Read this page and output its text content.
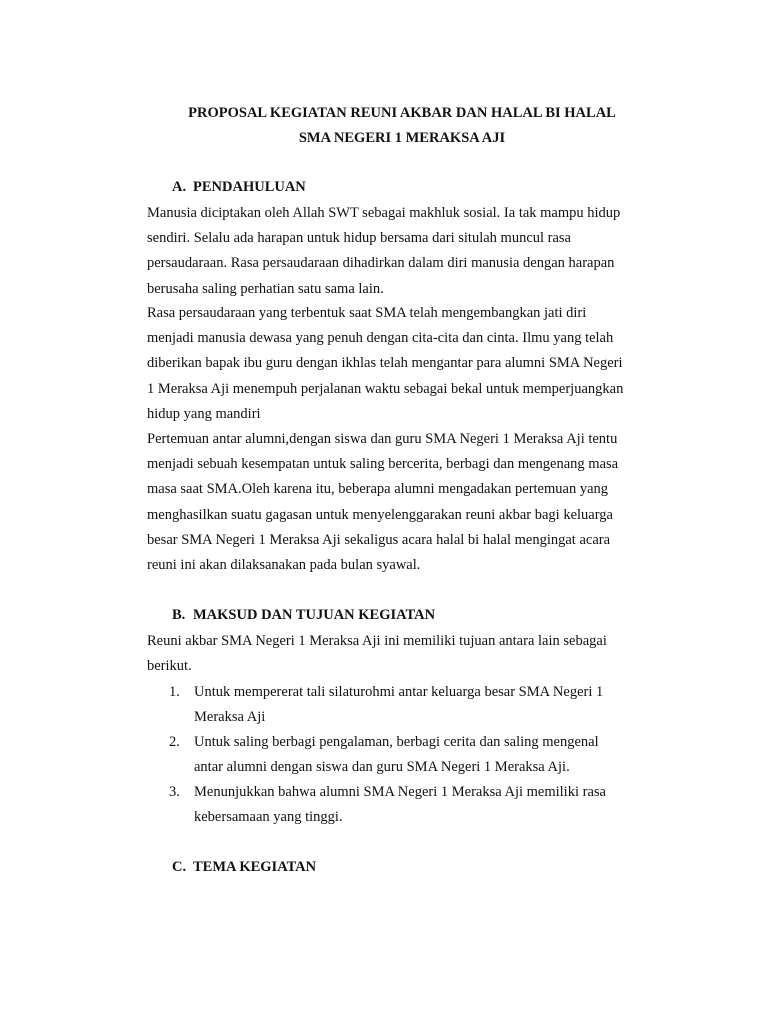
PROPOSAL KEGIATAN REUNI AKBAR DAN HALAL BI HALAL
SMA NEGERI 1 MERAKSA AJI
A. PENDAHULUAN
Manusia diciptakan oleh Allah SWT sebagai makhluk sosial. Ia tak mampu hidup
sendiri. Selalu ada harapan untuk hidup bersama dari situlah muncul rasa
persaudaraan. Rasa persaudaraan dihadirkan dalam diri manusia dengan harapan
berusaha saling perhatian satu sama lain.
Rasa persaudaraan yang terbentuk saat SMA telah mengembangkan jati diri
menjadi manusia dewasa yang penuh dengan cita-cita dan cinta. Ilmu yang telah
diberikan bapak ibu guru dengan ikhlas telah mengantar para alumni SMA Negeri
1 Meraksa Aji menempuh perjalanan waktu sebagai bekal untuk memperjuangkan
hidup yang mandiri
Pertemuan antar alumni,dengan siswa dan guru SMA Negeri 1 Meraksa Aji tentu
menjadi sebuah kesempatan untuk saling bercerita, berbagi dan mengenang masa
masa saat SMA.Oleh karena itu, beberapa alumni mengadakan pertemuan yang
menghasilkan suatu gagasan untuk menyelenggarakan reuni akbar bagi keluarga
besar SMA Negeri 1 Meraksa Aji sekaligus acara halal bi halal mengingat acara
reuni ini akan dilaksanakan pada bulan syawal.
B. MAKSUD DAN TUJUAN KEGIATAN
Reuni akbar SMA Negeri 1 Meraksa Aji ini memiliki tujuan antara lain sebagai
berikut.
1. Untuk mempererat tali silaturohmi antar keluarga besar SMA Negeri 1
Meraksa Aji
2. Untuk saling berbagi pengalaman, berbagi cerita dan saling mengenal
antar alumni dengan siswa dan guru SMA Negeri 1 Meraksa Aji.
3. Menunjukkan bahwa alumni SMA Negeri 1 Meraksa Aji memiliki rasa
kebersamaan yang tinggi.
C. TEMA KEGIATAN
